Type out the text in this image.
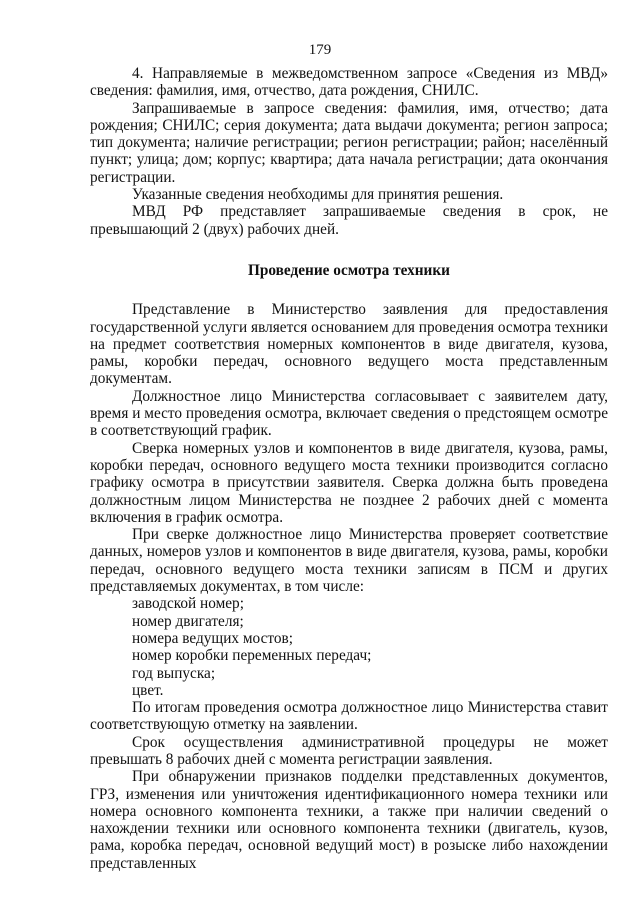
179

4. Направляемые в межведомственном запросе «Сведения из МВД» сведения: фамилия, имя, отчество, дата рождения, СНИЛС.

Запрашиваемые в запросе сведения: фамилия, имя, отчество; дата рождения; СНИЛС; серия документа; дата выдачи документа; регион запроса; тип документа; наличие регистрации; регион регистрации; район; населённый пункт; улица; дом; корпус; квартира; дата начала регистрации; дата окончания регистрации.

Указанные сведения необходимы для принятия решения.

МВД РФ представляет запрашиваемые сведения в срок, не превышающий 2 (двух) рабочих дней.

Проведение осмотра техники

Представление в Министерство заявления для предоставления государственной услуги является основанием для проведения осмотра техники на предмет соответствия номерных компонентов в виде двигателя, кузова, рамы, коробки передач, основного ведущего моста представленным документам.

Должностное лицо Министерства согласовывает с заявителем дату, время и место проведения осмотра, включает сведения о предстоящем осмотре в соответствующий график.

Сверка номерных узлов и компонентов в виде двигателя, кузова, рамы, коробки передач, основного ведущего моста техники производится согласно графику осмотра в присутствии заявителя. Сверка должна быть проведена должностным лицом Министерства не позднее 2 рабочих дней с момента включения в график осмотра.

При сверке должностное лицо Министерства проверяет соответствие данных, номеров узлов и компонентов в виде двигателя, кузова, рамы, коробки передач, основного ведущего моста техники записям в ПСМ и других представляемых документах, в том числе:

заводской номер;
номер двигателя;
номера ведущих мостов;
номер коробки переменных передач;
год выпуска;
цвет.

По итогам проведения осмотра должностное лицо Министерства ставит соответствующую отметку на заявлении.

Срок осуществления административной процедуры не может превышать 8 рабочих дней с момента регистрации заявления.

При обнаружении признаков подделки представленных документов, ГРЗ, изменения или уничтожения идентификационного номера техники или номера основного компонента техники, а также при наличии сведений о нахождении техники или основного компонента техники (двигатель, кузов, рама, коробка передач, основной ведущий мост) в розыске либо нахождении представленных
